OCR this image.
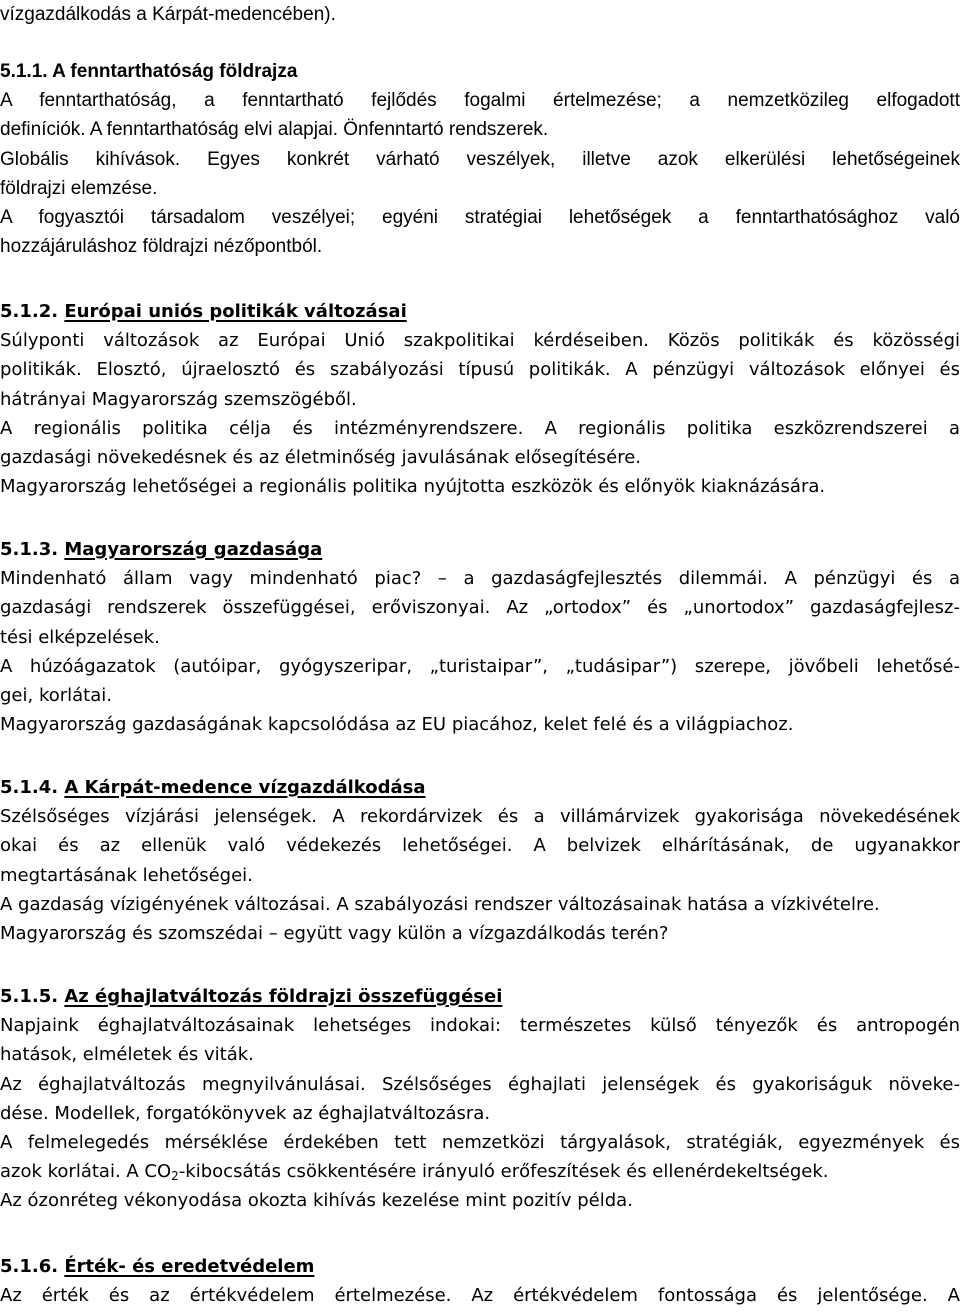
vízgazdálkodás a Kárpát-medencében).
5.1.1. A fenntarthatóság földrajza
A fenntarthatóság, a fenntartható fejlődés fogalmi értelmezése; a nemzetközileg elfogadott
definíciók. A fenntarthatóság elvi alapjai. Önfenntartó rendszerek.
Globális kihívások. Egyes konkrét várható veszélyek, illetve azok elkerülési lehetőségeinek
földrajzi elemzése.
A fogyasztói társadalom veszélyei; egyéni stratégiai lehetőségek a fenntarthatósághoz való
hozzájáruláshoz földrajzi nézőpontból.
5.1.2. Európai uniós politikák változásai
Súlyponti változások az Európai Unió szakpolitikai kérdéseiben. Közös politikák és közösségi
politikák. Elosztó, újraelosztó és szabályozási típusú politikák. A pénzügyi változások előnyei és
hátrányai Magyarország szemszögéből.
A regionális politika célja és intézményrendszere. A regionális politika eszközrendszerei a
gazdasági növekedésnek és az életminőség javulásának elősegítésére.
Magyarország lehetőségei a regionális politika nyújtotta eszközök és előnyök kiaknázására.
5.1.3. Magyarország gazdasága
Mindenható állam vagy mindenható piac? – a gazdaságfejlesztés dilemmái. A pénzügyi és a
gazdasági rendszerek összefüggései, erőviszonyai. Az „ortodox” és „unortodox” gazdaságfejlesz-
tési elképzelések.
A húzóágazatok (autóipar, gyógyszeripar, „turistaipar”, „tudásipar”) szerepe, jövőbeli lehetősé-
gei, korlátai.
Magyarország gazdaságának kapcsolódása az EU piacához, kelet felé és a világpiachoz.
5.1.4. A Kárpát-medence vízgazdálkodása
Szélsőséges vízjárási jelenségek. A rekordárvizek és a villámárvizek gyakorisága növekedésének
okai és az ellenük való védekezés lehetőségei. A belvizek elhárításának, de ugyanakkor
megtartásának lehetőségei.
A gazdaság vízigényének változásai. A szabályozási rendszer változásainak hatása a vízkivételre.
Magyarország és szomszédai – együtt vagy külön a vízgazdálkodás terén?
5.1.5. Az éghajlatváltozás földrajzi összefüggései
Napjaink éghajlatváltozásainak lehetséges indokai: természetes külső tényezők és antropogén
hatások, elméletek és viták.
Az éghajlatváltozás megnyilvánulásai. Szélsőséges éghajlati jelenségek és gyakoriságuk növeke-
dése. Modellek, forgatókönyvek az éghajlatváltozásra.
A felmelegedés mérséklése érdekében tett nemzetközi tárgyalások, stratégiák, egyezmények és
azok korlátai. A $CO_2$-kibocsátás csökkentésére irányuló erőfeszítések és ellenérdekeltségek.
Az ózonréteg vékonyodása okozta kihívás kezelése mint pozitív példa.
5.1.6. Érték- és eredetvédelem
Az érték és az értékvédelem értelmezése. Az értékvédelem fontossága és jelentősége. A
